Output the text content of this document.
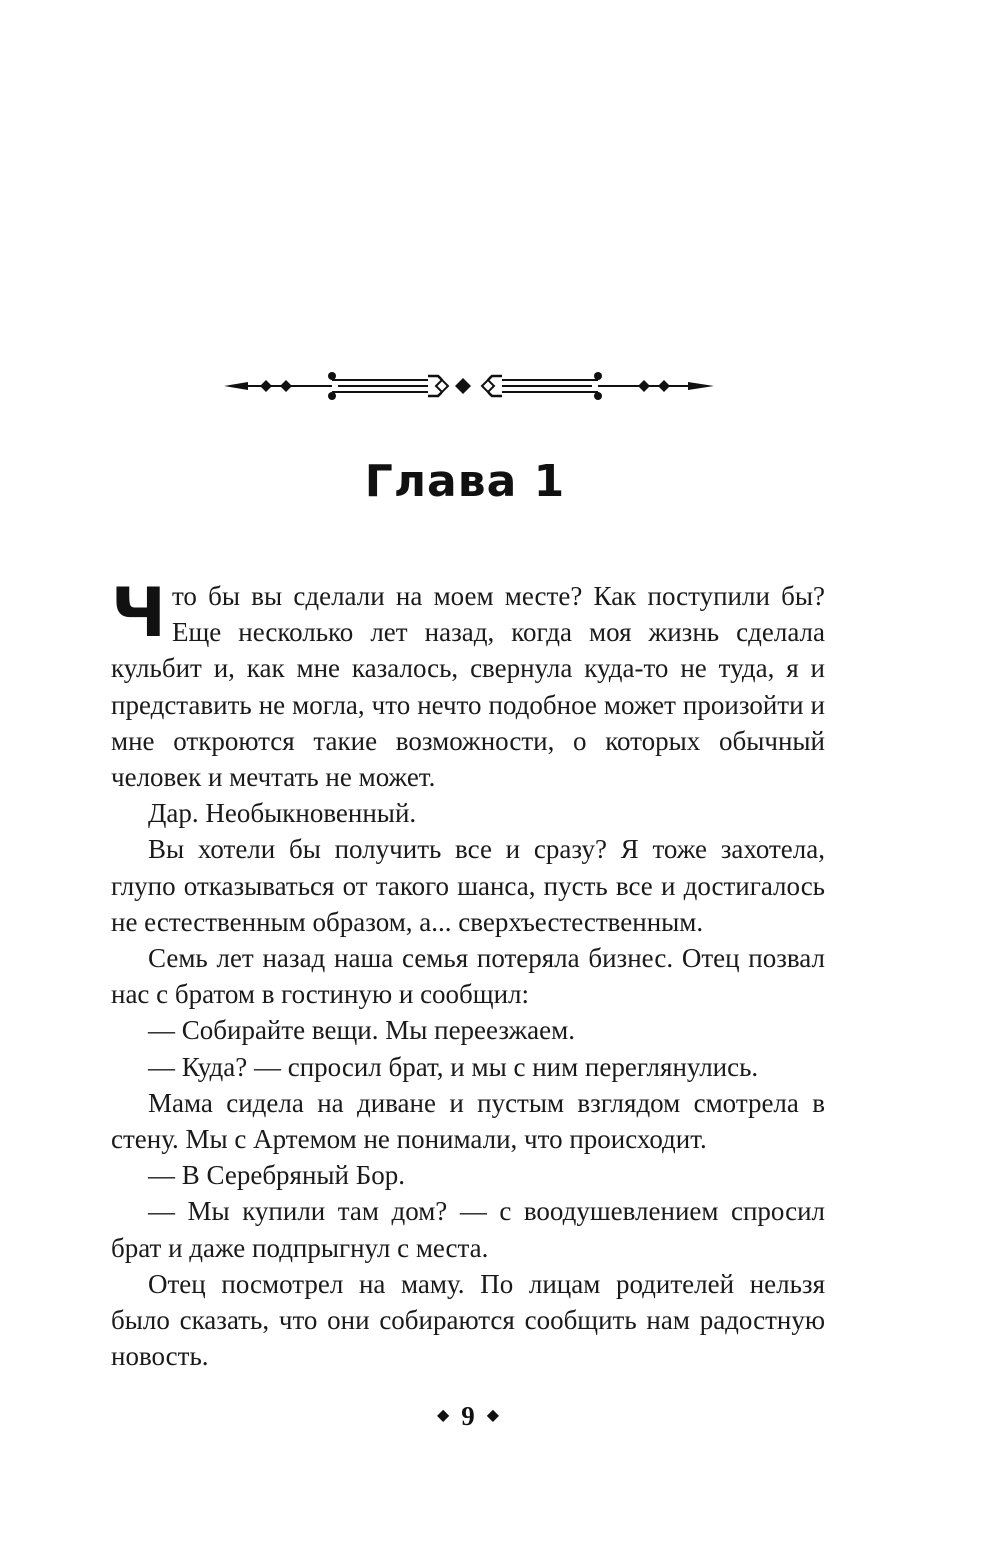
Глава 1

Что бы вы сделали на моем месте? Как поступили бы? Еще несколько лет назад, когда моя жизнь сделала кульбит и, как мне казалось, свернула куда-то не туда, я и представить не могла, что нечто подобное может произойти и мне откроются такие возможности, о которых обычный человек и мечтать не может.

Дар. Необыкновенный.

Вы хотели бы получить все и сразу? Я тоже захотела, глупо отказываться от такого шанса, пусть все и достигалось не естественным образом, а... сверхъестественным.

Семь лет назад наша семья потеряла бизнес. Отец позвал нас с братом в гостиную и сообщил:

— Собирайте вещи. Мы переезжаем.

— Куда? — спросил брат, и мы с ним переглянулись.

Мама сидела на диване и пустым взглядом смотрела в стену. Мы с Артемом не понимали, что происходит.

— В Серебряный Бор.

— Мы купили там дом? — с воодушевлением спросил брат и даже подпрыгнул с места.

Отец посмотрел на маму. По лицам родителей нельзя было сказать, что они собираются сообщить нам радостную новость.

◆ 9 ◆
